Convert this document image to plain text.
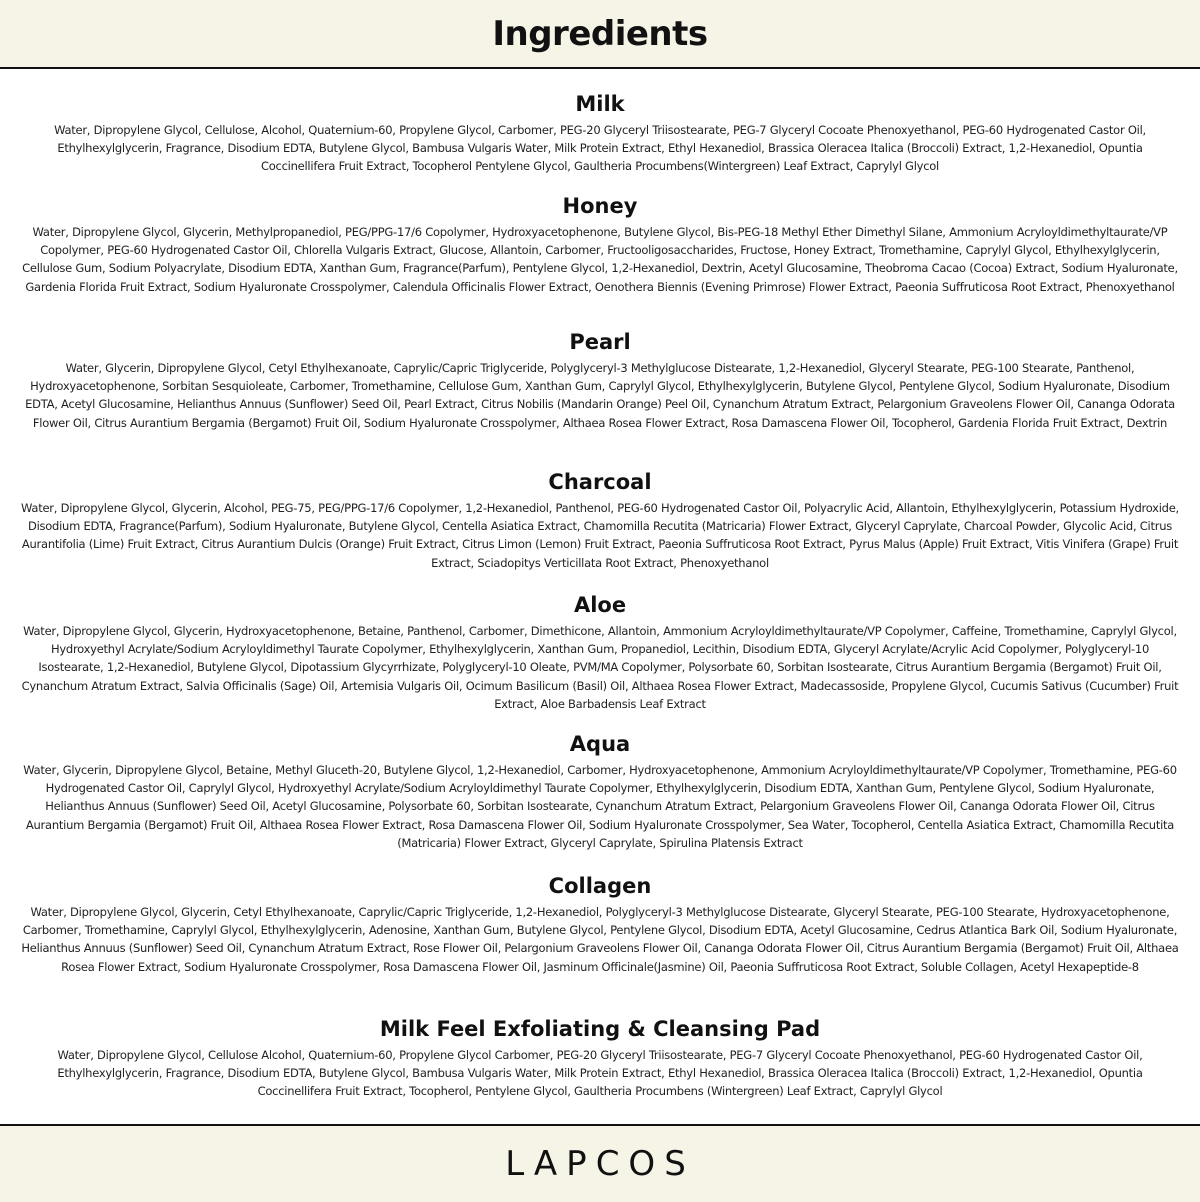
Ingredients
Milk

Water, Dipropylene Glycol, Cellulose, Alcohol, Quaternium-60, Propylene Glycol, Carbomer, PEG-20 Glyceryl Triisostearate, PEG-7 Glyceryl Cocoate Phenoxyethanol, PEG-60 Hydrogenated Castor Oil, Ethylhexylglycerin, Fragrance, Disodium EDTA, Butylene Glycol, Bambusa Vulgaris Water, Milk Protein Extract, Ethyl Hexanediol, Brassica Oleracea Italica (Broccoli) Extract, 1,2-Hexanediol, Opuntia Coccinellifera Fruit Extract, Tocopherol Pentylene Glycol, Gaultheria Procumbens(Wintergreen) Leaf Extract, Caprylyl Glycol

Honey

Water, Dipropylene Glycol, Glycerin, Methylpropanediol, PEG/PPG-17/6 Copolymer, Hydroxyacetophenone, Butylene Glycol, Bis-PEG-18 Methyl Ether Dimethyl Silane, Ammonium Acryloyldimethyltaurate/VP Copolymer, PEG-60 Hydrogenated Castor Oil, Chlorella Vulgaris Extract, Glucose, Allantoin, Carbomer, Fructooligosaccharides, Fructose, Honey Extract, Tromethamine, Caprylyl Glycol, Ethylhexylglycerin, Cellulose Gum, Sodium Polyacrylate, Disodium EDTA, Xanthan Gum, Fragrance(Parfum), Pentylene Glycol, 1,2-Hexanediol, Dextrin, Acetyl Glucosamine, Theobroma Cacao (Cocoa) Extract, Sodium Hyaluronate, Gardenia Florida Fruit Extract, Sodium Hyaluronate Crosspolymer, Calendula Officinalis Flower Extract, Oenothera Biennis (Evening Primrose) Flower Extract, Paeonia Suffruticosa Root Extract, Phenoxyethanol

Pearl

Water, Glycerin, Dipropylene Glycol, Cetyl Ethylhexanoate, Caprylic/Capric Triglyceride, Polyglyceryl-3 Methylglucose Distearate, 1,2-Hexanediol, Glyceryl Stearate, PEG-100 Stearate, Panthenol, Hydroxyacetophenone, Sorbitan Sesquioleate, Carbomer, Tromethamine, Cellulose Gum, Xanthan Gum, Caprylyl Glycol, Ethylhexylglycerin, Butylene Glycol, Pentylene Glycol, Sodium Hyaluronate, Disodium EDTA, Acetyl Glucosamine, Helianthus Annuus (Sunflower) Seed Oil, Pearl Extract, Citrus Nobilis (Mandarin Orange) Peel Oil, Cynanchum Atratum Extract, Pelargonium Graveolens Flower Oil, Cananga Odorata Flower Oil, Citrus Aurantium Bergamia (Bergamot) Fruit Oil, Sodium Hyaluronate Crosspolymer, Althaea Rosea Flower Extract, Rosa Damascena Flower Oil, Tocopherol, Gardenia Florida Fruit Extract, Dextrin

Charcoal

Water, Dipropylene Glycol, Glycerin, Alcohol, PEG-75, PEG/PPG-17/6 Copolymer, 1,2-Hexanediol, Panthenol, PEG-60 Hydrogenated Castor Oil, Polyacrylic Acid, Allantoin, Ethylhexylglycerin, Potassium Hydroxide, Disodium EDTA, Fragrance(Parfum), Sodium Hyaluronate, Butylene Glycol, Centella Asiatica Extract, Chamomilla Recutita (Matricaria) Flower Extract, Glyceryl Caprylate, Charcoal Powder, Glycolic Acid, Citrus Aurantifolia (Lime) Fruit Extract, Citrus Aurantium Dulcis (Orange) Fruit Extract, Citrus Limon (Lemon) Fruit Extract, Paeonia Suffruticosa Root Extract, Pyrus Malus (Apple) Fruit Extract, Vitis Vinifera (Grape) Fruit Extract, Sciadopitys Verticillata Root Extract, Phenoxyethanol

Aloe

Water, Dipropylene Glycol, Glycerin, Hydroxyacetophenone, Betaine, Panthenol, Carbomer, Dimethicone, Allantoin, Ammonium Acryloyldimethyltaurate/VP Copolymer, Caffeine, Tromethamine, Caprylyl Glycol, Hydroxyethyl Acrylate/Sodium Acryloyldimethyl Taurate Copolymer, Ethylhexylglycerin, Xanthan Gum, Propanediol, Lecithin, Disodium EDTA, Glyceryl Acrylate/Acrylic Acid Copolymer, Polyglyceryl-10 Isostearate, 1,2-Hexanediol, Butylene Glycol, Dipotassium Glycyrrhizate, Polyglyceryl-10 Oleate, PVM/MA Copolymer, Polysorbate 60, Sorbitan Isostearate, Citrus Aurantium Bergamia (Bergamot) Fruit Oil, Cynanchum Atratum Extract, Salvia Officinalis (Sage) Oil, Artemisia Vulgaris Oil, Ocimum Basilicum (Basil) Oil, Althaea Rosea Flower Extract, Madecassoside, Propylene Glycol, Cucumis Sativus (Cucumber) Fruit Extract, Aloe Barbadensis Leaf Extract

Aqua

Water, Glycerin, Dipropylene Glycol, Betaine, Methyl Gluceth-20, Butylene Glycol, 1,2-Hexanediol, Carbomer, Hydroxyacetophenone, Ammonium Acryloyldimethyltaurate/VP Copolymer, Tromethamine, PEG-60 Hydrogenated Castor Oil, Caprylyl Glycol, Hydroxyethyl Acrylate/Sodium Acryloyldimethyl Taurate Copolymer, Ethylhexylglycerin, Disodium EDTA, Xanthan Gum, Pentylene Glycol, Sodium Hyaluronate, Helianthus Annuus (Sunflower) Seed Oil, Acetyl Glucosamine, Polysorbate 60, Sorbitan Isostearate, Cynanchum Atratum Extract, Pelargonium Graveolens Flower Oil, Cananga Odorata Flower Oil, Citrus Aurantium Bergamia (Bergamot) Fruit Oil, Althaea Rosea Flower Extract, Rosa Damascena Flower Oil, Sodium Hyaluronate Crosspolymer, Sea Water, Tocopherol, Centella Asiatica Extract, Chamomilla Recutita (Matricaria) Flower Extract, Glyceryl Caprylate, Spirulina Platensis Extract

Collagen

Water, Dipropylene Glycol, Glycerin, Cetyl Ethylhexanoate, Caprylic/Capric Triglyceride, 1,2-Hexanediol, Polyglyceryl-3 Methylglucose Distearate, Glyceryl Stearate, PEG-100 Stearate, Hydroxyacetophenone, Carbomer, Tromethamine, Caprylyl Glycol, Ethylhexylglycerin, Adenosine, Xanthan Gum, Butylene Glycol, Pentylene Glycol, Disodium EDTA, Acetyl Glucosamine, Cedrus Atlantica Bark Oil, Sodium Hyaluronate, Helianthus Annuus (Sunflower) Seed Oil, Cynanchum Atratum Extract, Rose Flower Oil, Pelargonium Graveolens Flower Oil, Cananga Odorata Flower Oil, Citrus Aurantium Bergamia (Bergamot) Fruit Oil, Althaea Rosea Flower Extract, Sodium Hyaluronate Crosspolymer, Rosa Damascena Flower Oil, Jasminum Officinale(Jasmine) Oil, Paeonia Suffruticosa Root Extract, Soluble Collagen, Acetyl Hexapeptide-8

Milk Feel Exfoliating & Cleansing Pad

Water, Dipropylene Glycol, Cellulose Alcohol, Quaternium-60, Propylene Glycol Carbomer, PEG-20 Glyceryl Triisostearate, PEG-7 Glyceryl Cocoate Phenoxyethanol, PEG-60 Hydrogenated Castor Oil, Ethylhexylglycerin, Fragrance, Disodium EDTA, Butylene Glycol, Bambusa Vulgaris Water, Milk Protein Extract, Ethyl Hexanediol, Brassica Oleracea Italica (Broccoli) Extract, 1,2-Hexanediol, Opuntia Coccinellifera Fruit Extract, Tocopherol, Pentylene Glycol, Gaultheria Procumbens (Wintergreen) Leaf Extract, Caprylyl Glycol

LAPCOS
